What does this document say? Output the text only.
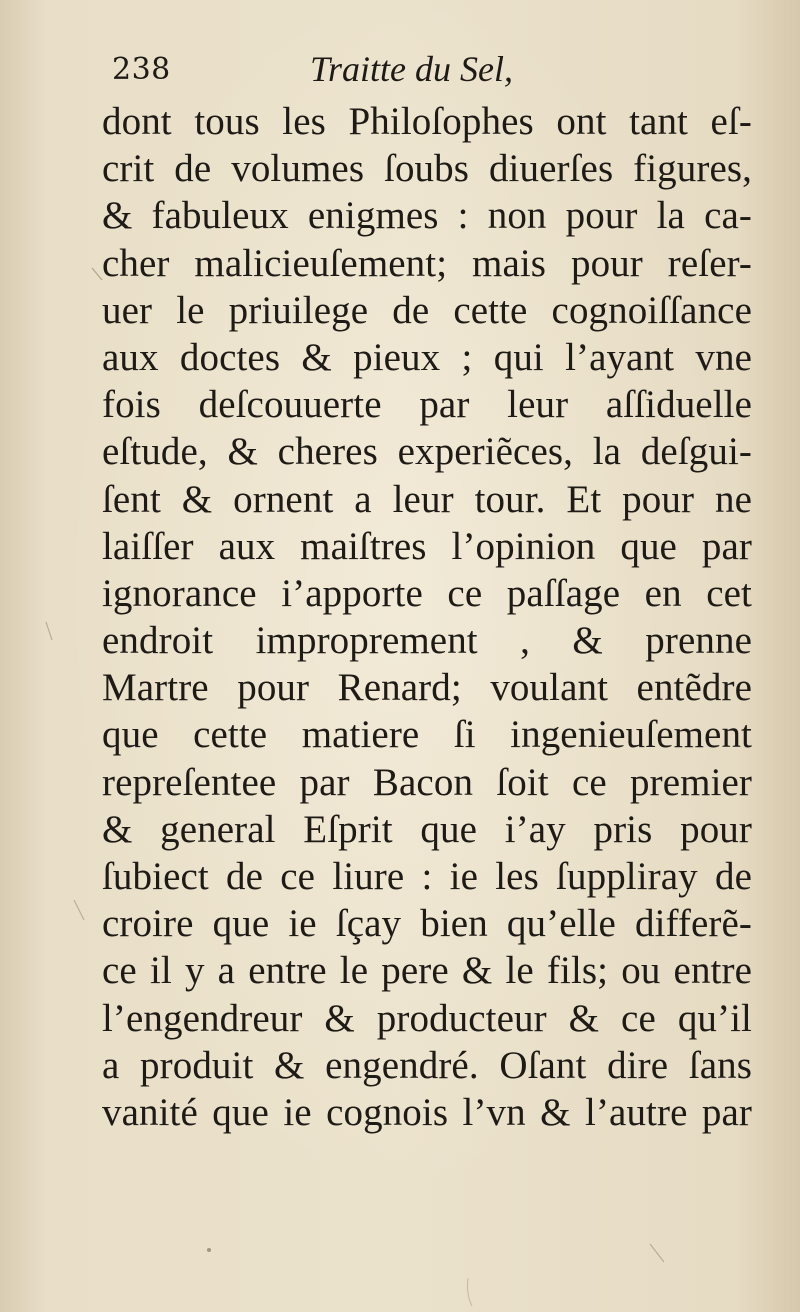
238	Traitte du Sel,
dont tous les Philoſophes ont tant eſ-
crit de volumes ſoubs diuerſes figures,
& fabuleux enigmes : non pour la ca-
cher malicieuſement; mais pour reſer-
uer le priuilege de cette cognoiſſance
aux doctes & pieux ; qui l’ayant vne
fois deſcouuerte par leur aſſiduelle
eſtude, & cheres experiẽces, la deſgui-
ſent & ornent a leur tour. Et pour ne
laiſſer aux maiſtres l’opinion que par
ignorance i’apporte ce paſſage en cet
endroit improprement , & prenne
Martre pour Renard; voulant entẽdre
que cette matiere ſi ingenieuſement
repreſentee par Bacon ſoit ce premier
& general Eſprit que i’ay pris pour
ſubiect de ce liure : ie les ſuppliray de
croire que ie ſçay bien qu’elle differẽ-
ce il y a entre le pere & le fils; ou entre
l’engendreur & producteur & ce qu’il
a produit & engendré. Oſant dire ſans
vanité que ie cognois l’vn & l’autre par
